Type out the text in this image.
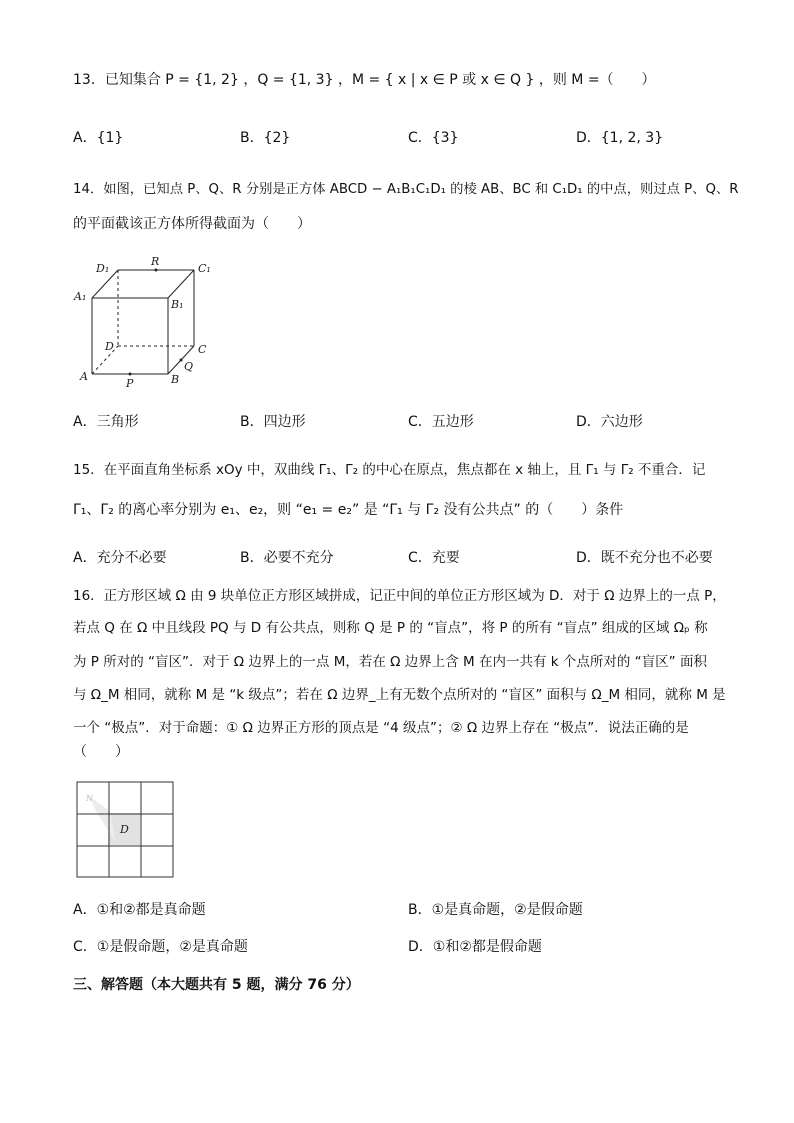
13．已知集合 P = {1, 2} ，Q = {1, 3} ，M = { x | x ∈ P 或 x ∈ Q } ，则 M =（　　）
A．{1}	B．{2}	C．{3}	D．{1, 2, 3}
14．如图，已知点 P、Q、R 分别是正方体 ABCD − A₁B₁C₁D₁ 的棱 AB、BC 和 C₁D₁ 的中点，则过点 P、Q、R
的平面截该正方体所得截面为（　　）
D₁
R
C₁
A₁
B₁
D	C
Q
A
P	B
A．三角形	B．四边形	C．五边形	D．六边形
15．在平面直角坐标系 xOy 中，双曲线 Γ₁、Γ₂ 的中心在原点，焦点都在 x 轴上，且 Γ₁ 与 Γ₂ 不重合．记
Γ₁、Γ₂ 的离心率分别为 e₁、e₂，则 “e₁ = e₂” 是 “Γ₁ 与 Γ₂ 没有公共点” 的（　　）条件
A．充分不必要	B．必要不充分	C．充要	D．既不充分也不必要
16．正方形区域 Ω 由 9 块单位正方形区域拼成，记正中间的单位正方形区域为 D．对于 Ω 边界上的一点 P，
若点 Q 在 Ω 中且线段 PQ 与 D 有公共点，则称 Q 是 P 的 “盲点”，将 P 的所有 “盲点” 组成的区域 Ωₚ 称
为 P 所对的 “盲区”．对于 Ω 边界上的一点 M，若在 Ω 边界上含 M 在内一共有 k 个点所对的 “盲区” 面积
与 Ω_M 相同，就称 M 是 “k 级点”；若在 Ω 边界_上有无数个点所对的 “盲区” 面积与 Ω_M 相同，就称 M 是
一个 “极点”．对于命题：① Ω 边界正方形的顶点是 “4 级点”；② Ω 边界上存在 “极点”．说法正确的是
（　　）
N
D
A．①和②都是真命题	B．①是真命题，②是假命题
C．①是假命题，②是真命题	D．①和②都是假命题
三、解答题（本大题共有 5 题，满分 76 分）
